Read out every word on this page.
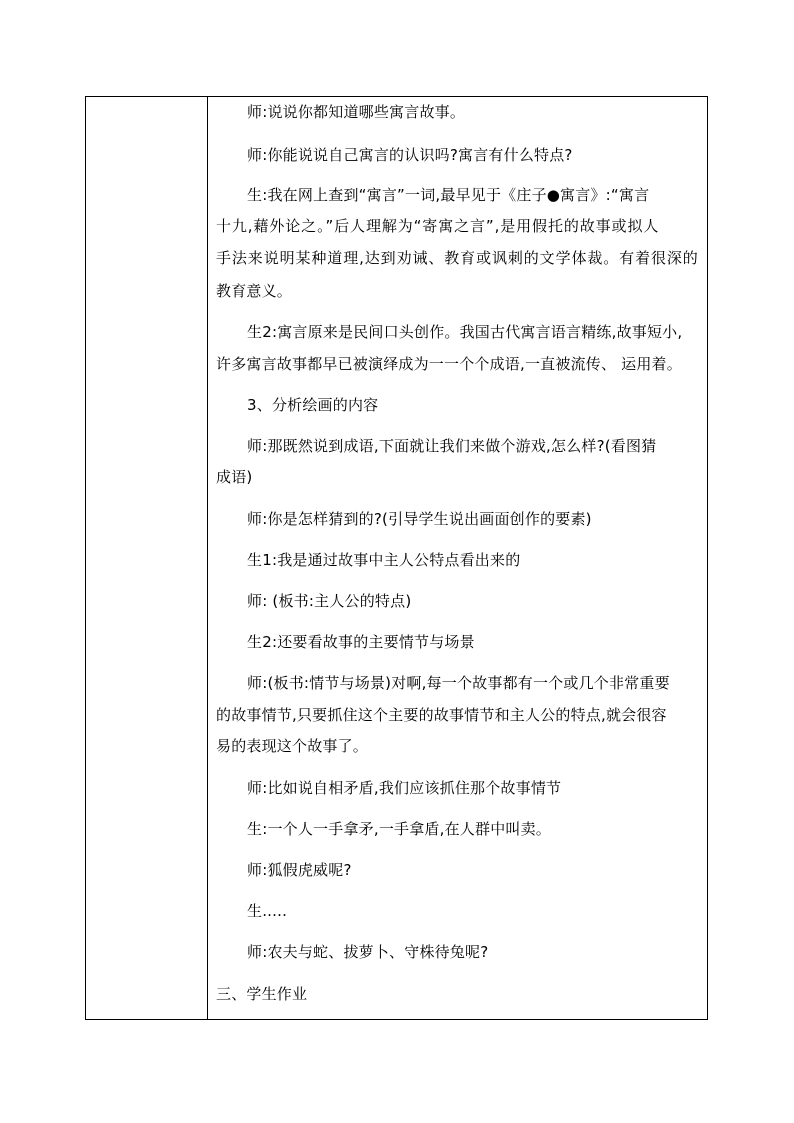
师:说说你都知道哪些寓言故事。
师:你能说说自己寓言的认识吗?寓言有什么特点?
生:我在网上查到“寓言”一词,最早见于《庄子●寓言》:“寓言
十九,藉外论之。”后人理解为“寄寓之言”,是用假托的故事或拟人
手法来说明某种道理,达到劝诫、教育或讽刺的文学体裁。有着很深的
教育意义。
生2:寓言原来是民间口头创作。我国古代寓言语言精练,故事短小,
许多寓言故事都早已被演绎成为一一个个成语,一直被流传、 运用着。
3、分析绘画的内容
师:那既然说到成语,下面就让我们来做个游戏,怎么样?(看图猜
成语)
师:你是怎样猜到的?(引导学生说出画面创作的要素)
生1:我是通过故事中主人公特点看出来的
师: (板书:主人公的特点)
生2:还要看故事的主要情节与场景
师:(板书:情节与场景)对啊,每一个故事都有一个或几个非常重要
的故事情节,只要抓住这个主要的故事情节和主人公的特点,就会很容
易的表现这个故事了。
师:比如说自相矛盾,我们应该抓住那个故事情节
生:一个人一手拿矛,一手拿盾,在人群中叫卖。
师:狐假虎威呢?
生.....
师:农夫与蛇、拔萝卜、守株待兔呢?
三、学生作业
